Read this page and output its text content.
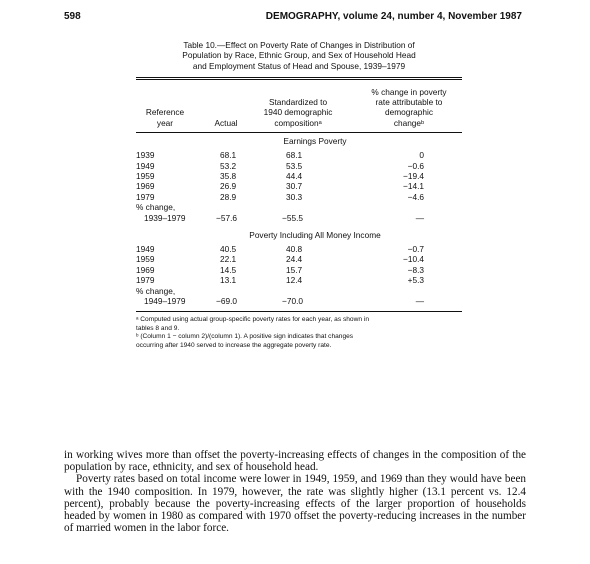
598	DEMOGRAPHY, volume 24, number 4, November 1987

Table 10.—Effect on Poverty Rate of Changes in Distribution of
Population by Race, Ethnic Group, and Sex of Household Head
and Employment Status of Head and Spouse, 1939–1979

Reference
year	Actual
Standardized to
1940 demographic
compositionᵃ
% change in poverty
rate attributable to
demographic
changeᵇ
Earnings Poverty
1939	68.1	68.1	0
1949	53.2	53.5	−0.6
1959	35.8	44.4	−19.4
1969	26.9	30.7	−14.1
1979	28.9	30.3	−4.6
% change,
1939–1979	−57.6	−55.5	—
Poverty Including All Money Income
1949	40.5	40.8	−0.7
1959	22.1	24.4	−10.4
1969	14.5	15.7	−8.3
1979	13.1	12.4	+5.3
% change,
1949–1979	−69.0	−70.0	—

ᵃ Computed using actual group-specific poverty rates for each year, as shown in

tables 8 and 9.

ᵇ (Column 1 − column 2)/(column 1). A positive sign indicates that changes

occurring after 1940 served to increase the aggregate poverty rate.

in working wives more than offset the poverty-increasing effects of changes in the composition of the population by race, ethnicity, and sex of household head.

Poverty rates based on total income were lower in 1949, 1959, and 1969 than they would have been with the 1940 composition. In 1979, however, the rate was slightly higher (13.1 percent vs. 12.4 percent), probably because the poverty-increasing effects of the larger proportion of households headed by women in 1980 as compared with 1970 offset the poverty-reducing increases in the number of married women in the labor force.
